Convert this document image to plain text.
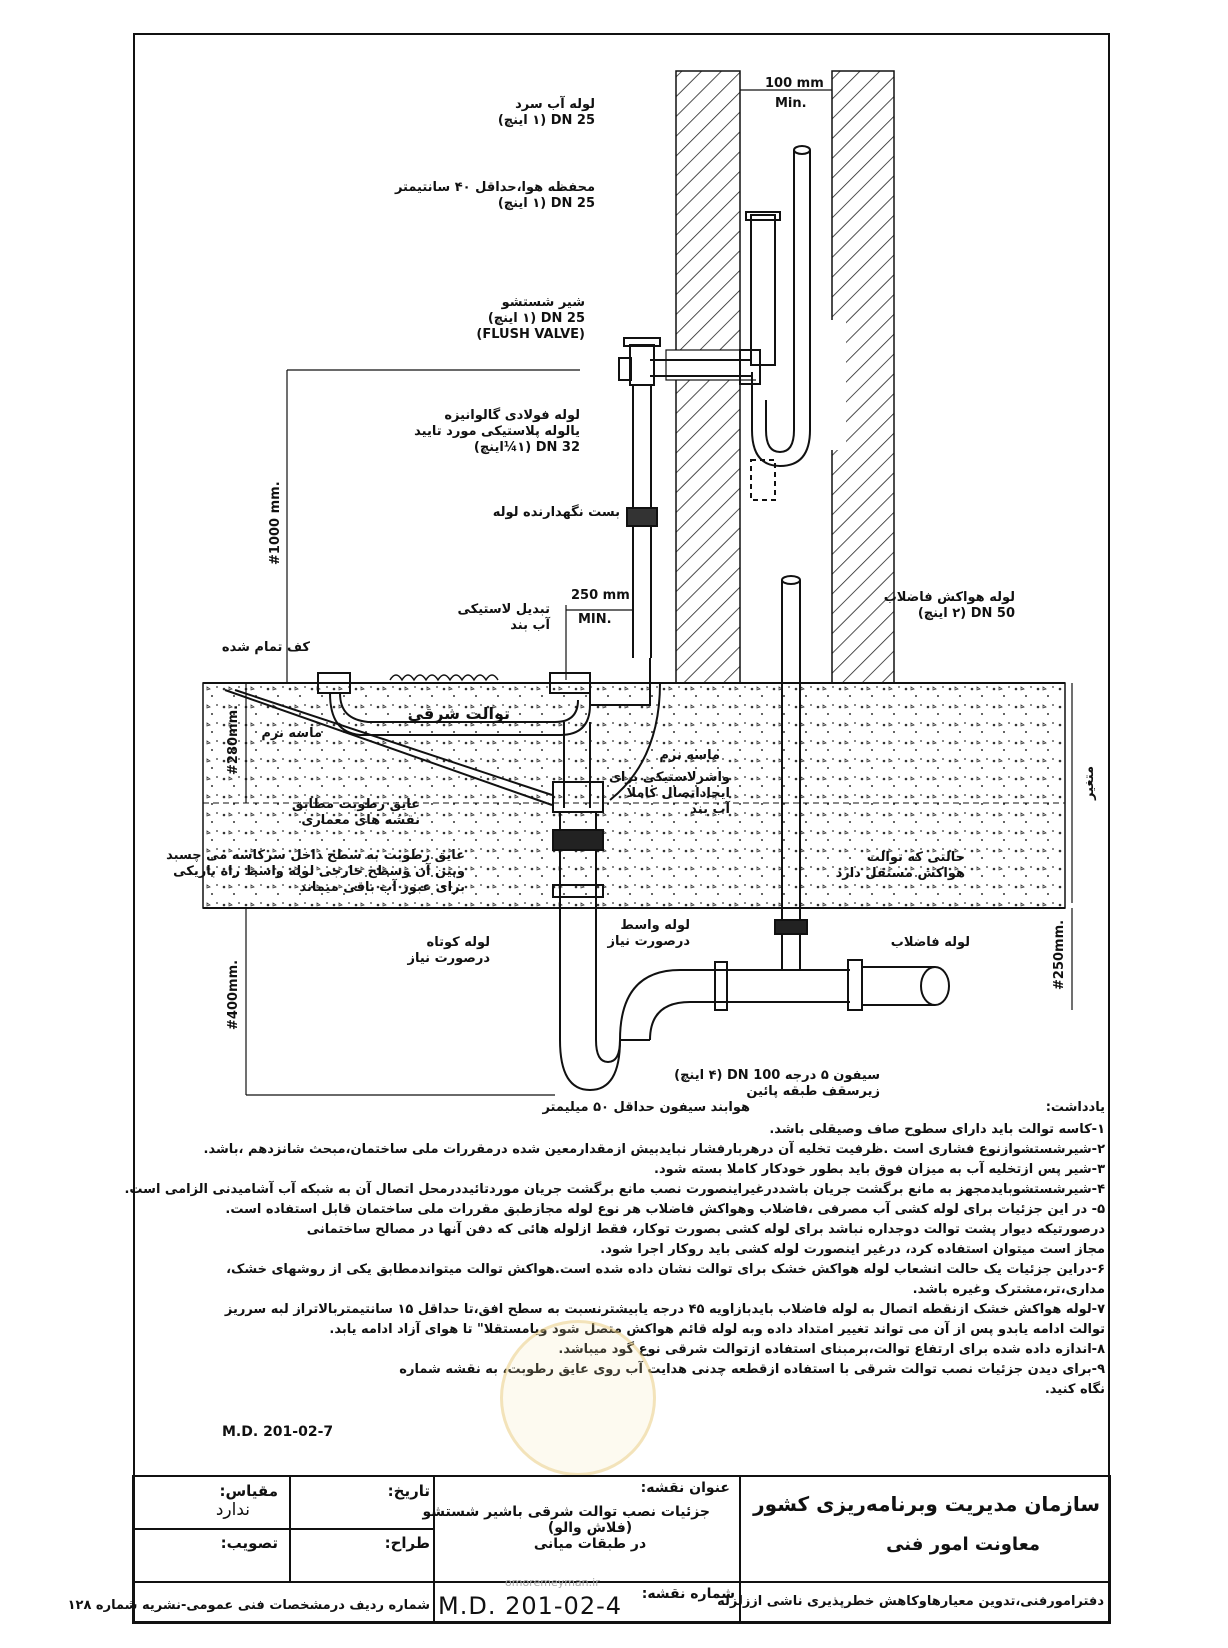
لوله آب سرد
DN 25 (۱ اینچ)
محفظه هوا،حداقل ۴۰ سانتیمتر
DN 25 (۱ اینچ)
شیر شستشو
DN 25 (۱ اینچ)
(FLUSH VALVE)
لوله فولادی گالوانیزه
یالوله پلاستیکی مورد تایید
DN 32 (۱¼اینچ)
بست نگهدارنده لوله
تبدیل لاستیکی
آب بند
کف تمام شده
توالت شرقی
ماسه نرم
عایق رطوبت مطابق
نقشه های معماری
عایق رطوبت به سطح داخل سرکاسه می چسبد
وبین آن وسطح خارجی لوله واسط راه باریکی
برای عبور آب باقی میماند
ماسه نرم
واشرلاستیکی برای
ایجاداتصال کاملا
آب بند
لوله هواکش فاضلاب
DN 50 (۲ اینچ)
حالتی که توالت
هواکش مستقل دارد
لوله واسط
درصورت نیاز
لوله کوتاه
درصورت نیاز
لوله فاضلاب
سیفون ۵ درجه DN 100 (۴ اینچ)
زیرسقف طبقه پائین
هوابند سیفون حداقل ۵۰ میلیمتر
متغیر
100 mm
Min.
250 mm
MIN.
#1000 mm.
#280mm.
#400mm.
#250mm.
یادداشت:
۱-کاسه توالت باید دارای سطوح صاف وصیقلی باشد.
۲-شیرشستشوازنوع فشاری است .ظرفیت تخلیه آن درهربارفشار نبایدبیش ازمقدارمعین شده درمقررات ملی ساختمان،مبحث شانزدهم ،باشد.
۳-شیر پس ازتخلیه آب به میزان فوق باید بطور خودکار کاملا بسته شود.
۴-شیرشستشوبایدمجهز به مانع برگشت جریان باشددرغیراینصورت نصب مانع برگشت جریان موردتائیددرمحل اتصال آن به شبکه آب آشامیدنی الزامی است.
۵- در این جزئیات برای لوله کشی آب مصرفی ،فاضلاب وهواکش فاضلاب هر نوع لوله مجازطبق مقررات ملی ساختمان قابل استفاده است.
درصورتیکه دیوار پشت توالت دوجداره نباشد برای لوله کشی بصورت توکار، فقط ازلوله هائی که دفن آنها در مصالح ساختمانی
مجاز است میتوان استفاده کرد، درغیر اینصورت لوله کشی باید روکار اجرا شود.
۶-دراین جزئیات یک حالت انشعاب لوله هواکش خشک برای توالت نشان داده شده است.هواکش توالت میتواندمطابق یکی از روشهای خشک،
مداری،تر،مشترک وغیره باشد.
۷-لوله هواکش خشک ازنقطه اتصال به لوله فاضلاب بایدبازاویه ۴۵ درجه یابیشترنسبت به سطح افق،تا حداقل ۱۵ سانتیمتربالاتراز لبه سرریز
توالت ادامه یابدو پس از آن می تواند تغییر امتداد داده وبه لوله قائم هواکش متصل شود ویامستقلا" تا هوای آزاد ادامه یابد.
۸-اندازه داده شده برای ارتفاع توالت،برمبنای استفاده ازتوالت شرقی نوع گود میباشد.
۹-برای دیدن جزئیات نصب توالت شرقی با استفاده ازقطعه چدنی هدایت آب روی عایق رطوبت، به نقشه شماره
نگاه کنید.
M.D. 201-02-7
سازمان مدیریت وبرنامه‌ریزی کشور
معاونت امور فنی
دفترامورفنی،تدوین معیارهاوکاهش خطرپذیری ناشی اززلزله
عنوان نقشه:
جزئیات نصب توالت شرقی باشیر شستشو
(فلاش والو)
در طبقات میانی
شماره نقشه:
M.D. 201-02-4
تاریخ:
مقیاس:
ندارد
طراح:
تصویب:
شماره ردیف درمشخصات فنی عمومی-نشریه شماره ۱۲۸
omoremeyman.ir
